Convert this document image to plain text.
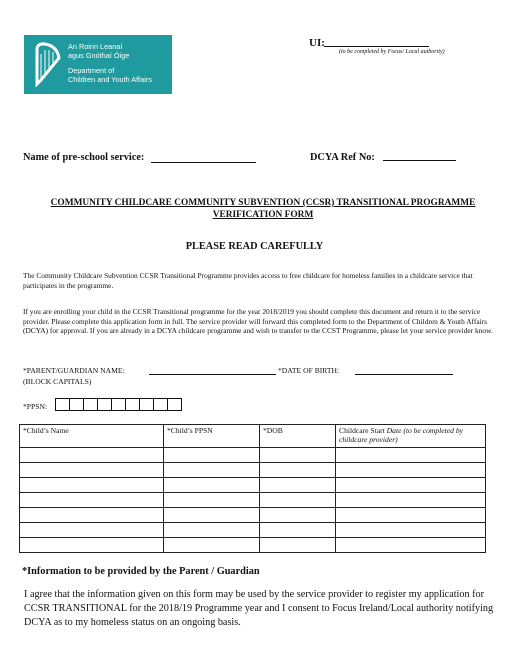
An Roinn Leanaí
agus Gnóthaí Óige
Department of
Children and Youth Affairs
UI:
(to be completed by Focus/ Local authority)
Name of pre-school service:	DCYA Ref No:
COMMUNITY CHILDCARE COMMUNITY SUBVENTION (CCSR) TRANSITIONAL PROGRAMME
VERIFICATION FORM
PLEASE READ CAREFULLY
The Community Childcare Subvention CCSR Transitional Programme provides access to free childcare for homeless families in a childcare service that participates in the programme.
If you are enrolling your child in the CCSR Transitional programme for the year 2018/2019 you should complete this document and return it to the service provider. Please complete this application form in full. The service provider will forward this completed form to the Department of Children & Youth Affairs (DCYA) for approval. If you are already in a DCYA childcare programme and wish to transfer to the CCST Programme, please let your service provider know.
*PARENT/GUARDIAN NAME:
(BLOCK CAPITALS)
*DATE OF BIRTH:
*PPSN:
*Child’s Name	*Child’s PPSN	*DOB	Childcare Start Date (to be completed by childcare provider)

*Information to be provided by the Parent / Guardian
I agree that the information given on this form may be used by the service provider to register my application for CCSR TRANSITIONAL for the 2018/19 Programme year and I consent to Focus Ireland/Local authority notifying DCYA as to my homeless status on an ongoing basis.
